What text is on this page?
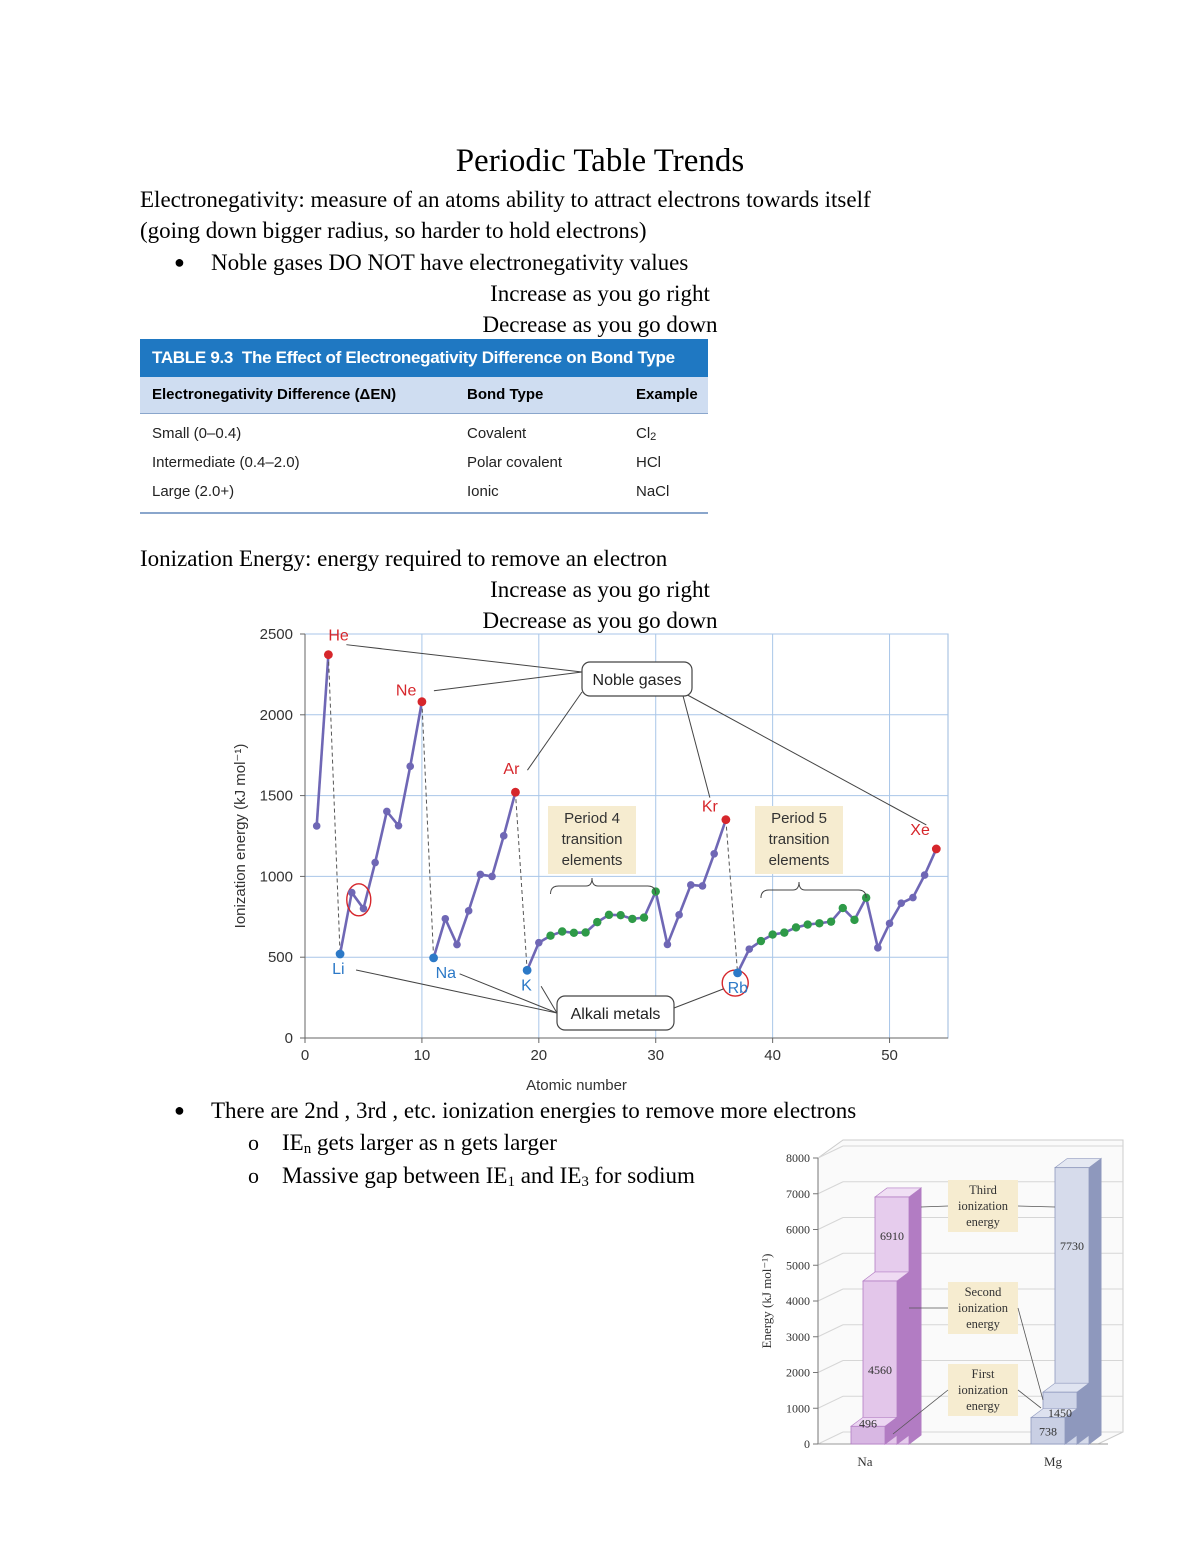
Periodic Table Trends
Electronegativity: measure of an atoms ability to attract electrons towards itself
(going down bigger radius, so harder to hold electrons)
● Noble gases DO NOT have electronegativity values
Increase as you go right
Decrease as you go down
TABLE 9.3 The Effect of Electronegativity Difference on Bond Type
Electronegativity Difference (ΔEN)	Bond Type	Example
Small (0–0.4)	Covalent	$Cl_2$
Intermediate (0.4–2.0)	Polar covalent	HCl
Large (2.0+)	Ionic	NaCl
Ionization Energy: energy required to remove an electron
Increase as you go right
0	10	20	30	40	50
0
500
1000
1500
2000
2500
Atomic number
Ionization energy (kJ mol⁻¹)
He
Ne
Ar
Kr
Xe
Li	Na
K	Rb
Noble gases
Alkali metals
Period 4
transition
elements
Period 5
transition
elements
Decrease as you go down
● There are 2nd , 3rd , etc. ionization energies to remove more electrons
o $IE_n$ gets larger as n gets larger
o Massive gap between $IE_1$ and $IE_3$ for sodium
0
1000
2000
3000
4000
5000
6000
7000
8000
Energy (kJ mol⁻¹)
6910
4560
496
7730
1450
738
Na	Mg
Third
ionization
energy
Second
ionization
energy
First
ionization
energy
